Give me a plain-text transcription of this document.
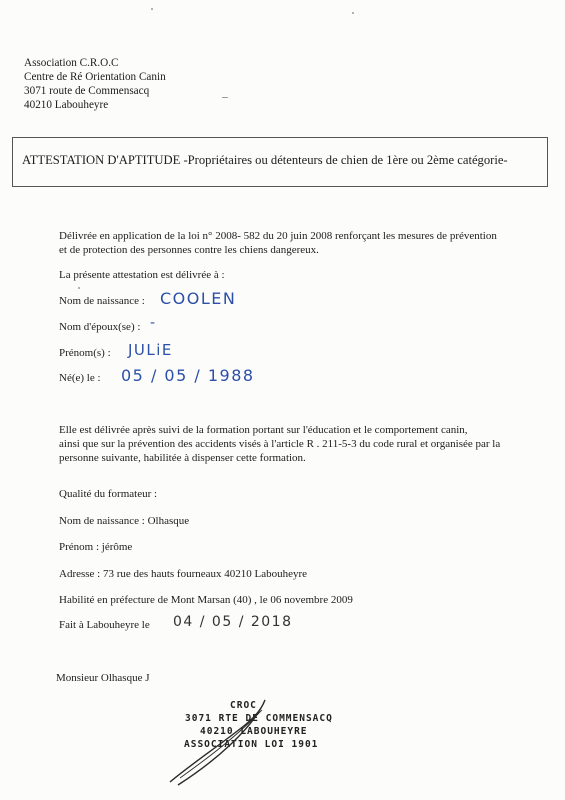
Association C.R.O.C
Centre de Ré Orientation Canin
3071 route de Commensacq
40210 Labouheyre
ATTESTATION D'APTITUDE -Propriétaires ou détenteurs de chien de 1ère ou 2ème catégorie-
Délivrée en application de la loi n° 2008- 582 du 20 juin 2008 renforçant les mesures de prévention
et de protection des personnes contre les chiens dangereux.
La présente attestation est délivrée à :
Nom de naissance : COOLEN
Nom d'époux(se) : -
Prénom(s) : JULiE
Né(e) le : 05 / 05 / 1988
Elle est délivrée après suivi de la formation portant sur l'éducation et le comportement canin,
ainsi que sur la prévention des accidents visés à l'article R . 211-5-3 du code rural et organisée par la
personne suivante, habilitée à dispenser cette formation.
Qualité du formateur :
Nom de naissance : Olhasque
Prénom : jérôme
Adresse : 73 rue des hauts fourneaux 40210 Labouheyre
Habilité en préfecture de Mont Marsan (40) , le 06 novembre 2009
Fait à Labouheyre le 04 / 05 / 2018
Monsieur Olhasque J
CROC
3071 RTE DE COMMENSACQ
40210 LABOUHEYRE
ASSOCIATION LOI 1901
